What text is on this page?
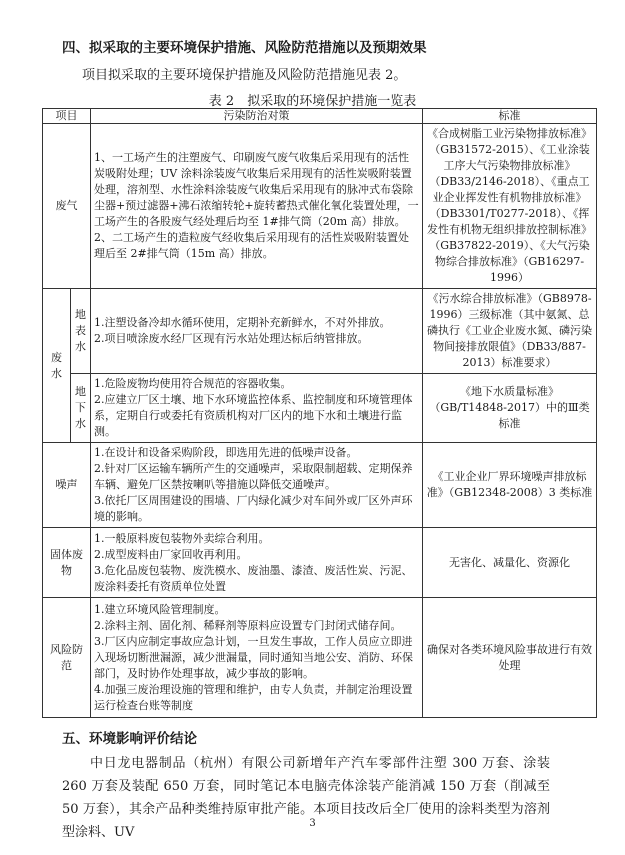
四、拟采取的主要环境保护措施、风险防范措施以及预期效果
项目拟采取的主要环境保护措施及风险防范措施见表 2。
表 2　拟采取的环境保护措施一览表
项目		污染防治对策	标准
废气		1、一工场产生的注塑废气、印刷废气废气收集后采用现有的活性炭吸附处理；UV 涂料涂装废气收集后采用现有的活性炭吸附装置处理，溶剂型、水性涂料涂装废气收集后采用现有的脉冲式布袋除尘器+预过滤器+沸石浓缩转轮+旋转蓄热式催化氧化装置处理，一工场产生的各股废气经处理后均至 1#排气筒（20m 高）排放。
2、二工场产生的造粒废气经收集后采用现有的活性炭吸附装置处理后至 2#排气筒（15m 高）排放。	《合成树脂工业污染物排放标准》（GB31572-2015）、《工业涂装工序大气污染物排放标准》（DB33/2146-2018）、《重点工业企业挥发性有机物排放标准》（DB3301/T0277-2018）、《挥发性有机物无组织排放控制标准》（GB37822-2019）、《大气污染物综合排放标准》（GB16297-1996）
废水	地表水	1.注塑设备冷却水循环使用，定期补充新鲜水，不对外排放。
2.项目喷涂废水经厂区现有污水站处理达标后纳管排放。	《污水综合排放标准》（GB8978-1996）三级标准（其中氨氮、总磷执行《工业企业废水氮、磷污染物间接排放限值》（DB33/887-2013）标准要求）
	地下水	1.危险废物均使用符合规范的容器收集。
2.应建立厂区土壤、地下水环境监控体系、监控制度和环境管理体系，定期自行或委托有资质机构对厂区内的地下水和土壤进行监测。	《地下水质量标准》（GB/T14848-2017）中的Ⅲ类标准
噪声		1.在设计和设备采购阶段，即选用先进的低噪声设备。
2.针对厂区运输车辆所产生的交通噪声，采取限制超载、定期保养车辆、避免厂区禁按喇叭等措施以降低交通噪声。
3.依托厂区周围建设的围墙、厂内绿化减少对车间外或厂区外声环境的影响。	《工业企业厂界环境噪声排放标准》（GB12348-2008）3 类标准
固体废物		1.一般原料废包装物外卖综合利用。
2.成型废料由厂家回收再利用。
3.危化品废包装物、废洗模水、废油墨、漆渣、废活性炭、污泥、废涂料委托有资质单位处置	无害化、减量化、资源化
风险防范		1.建立环境风险管理制度。
2.涂料主剂、固化剂、稀释剂等原料应设置专门封闭式储存间。
3.厂区内应制定事故应急计划，一旦发生事故，工作人员应立即进入现场切断泄漏源，减少泄漏量，同时通知当地公安、消防、环保部门，及时协作处理事故，减少事故的影响。
4.加强三废治理设施的管理和维护，由专人负责，并制定治理设置运行检查台账等制度	确保对各类环境风险事故进行有效处理
五、环境影响评价结论
中日龙电器制品（杭州）有限公司新增年产汽车零部件注塑 300 万套、涂装 260 万套及装配 650 万套，同时笔记本电脑壳体涂装产能消减 150 万套（削减至 50 万套），其余产品种类维持原审批产能。本项目技改后全厂使用的涂料类型为溶剂型涂料、UV
3
